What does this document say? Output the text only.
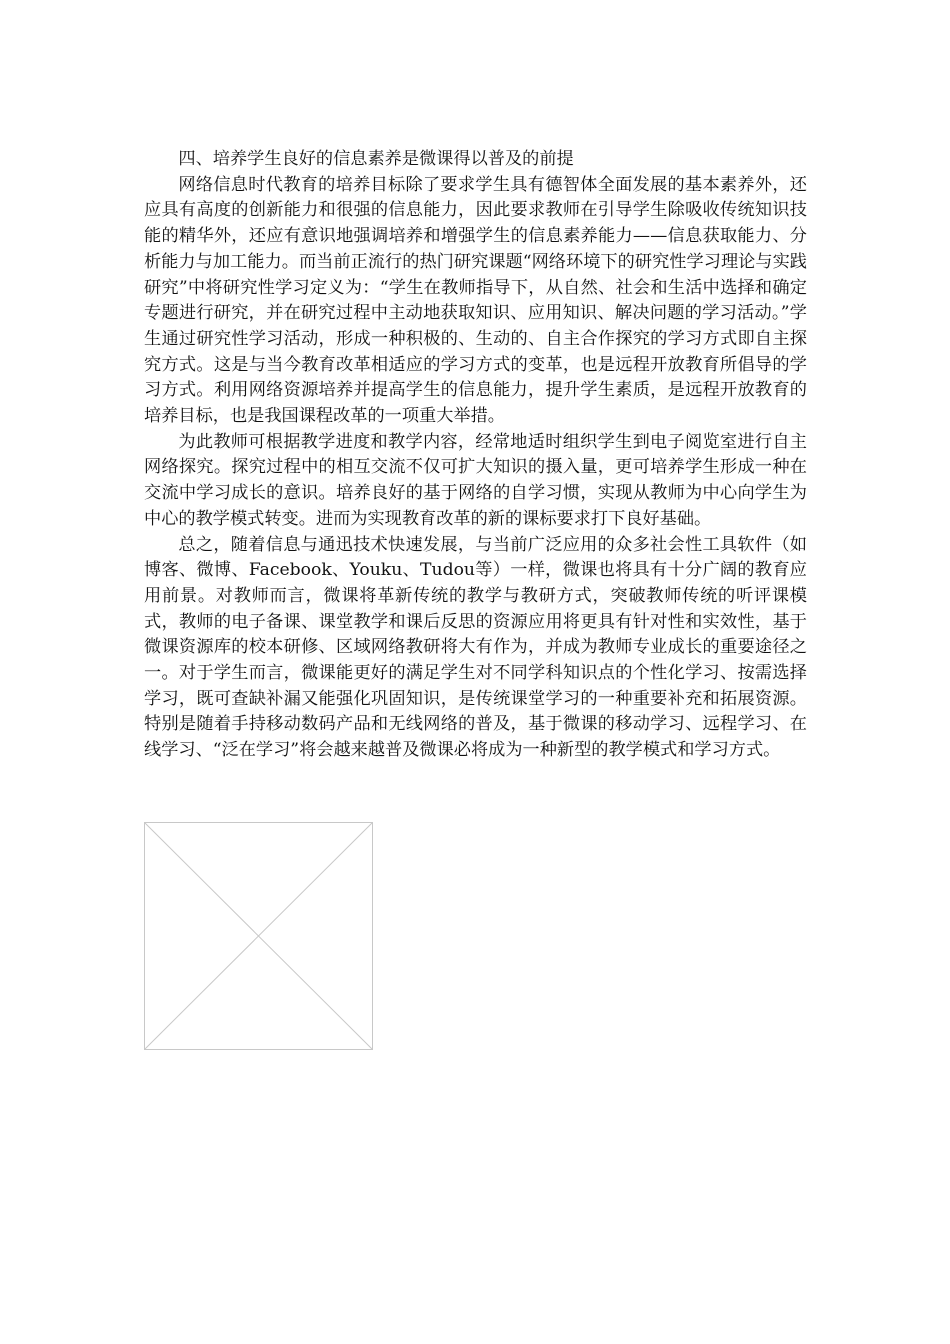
四、培养学生良好的信息素养是微课得以普及的前提

网络信息时代教育的培养目标除了要求学生具有德智体全面发展的基本素养外，还应具有高度的创新能力和很强的信息能力，因此要求教师在引导学生除吸收传统知识技能的精华外，还应有意识地强调培养和增强学生的信息素养能力——信息获取能力、分析能力与加工能力。而当前正流行的热门研究课题“网络环境下的研究性学习理论与实践研究”中将研究性学习定义为：“学生在教师指导下，从自然、社会和生活中选择和确定专题进行研究，并在研究过程中主动地获取知识、应用知识、解决问题的学习活动。”学生通过研究性学习活动，形成一种积极的、生动的、自主合作探究的学习方式即自主探究方式。这是与当今教育改革相适应的学习方式的变革，也是远程开放教育所倡导的学习方式。利用网络资源培养并提高学生的信息能力，提升学生素质，是远程开放教育的培养目标，也是我国课程改革的一项重大举措。

为此教师可根据教学进度和教学内容，经常地适时组织学生到电子阅览室进行自主网络探究。探究过程中的相互交流不仅可扩大知识的摄入量，更可培养学生形成一种在交流中学习成长的意识。培养良好的基于网络的自学习惯，实现从教师为中心向学生为中心的教学模式转变。进而为实现教育改革的新的课标要求打下良好基础。

总之，随着信息与通迅技术快速发展，与当前广泛应用的众多社会性工具软件（如博客、微博、Facebook、Youku、Tudou等）一样，微课也将具有十分广阔的教育应用前景。对教师而言，微课将革新传统的教学与教研方式，突破教师传统的听评课模式，教师的电子备课、课堂教学和课后反思的资源应用将更具有针对性和实效性，基于微课资源库的校本研修、区域网络教研将大有作为，并成为教师专业成长的重要途径之一。对于学生而言，微课能更好的满足学生对不同学科知识点的个性化学习、按需选择学习，既可查缺补漏又能强化巩固知识，是传统课堂学习的一种重要补充和拓展资源。特别是随着手持移动数码产品和无线网络的普及，基于微课的移动学习、远程学习、在线学习、“泛在学习”将会越来越普及微课必将成为一种新型的教学模式和学习方式。
